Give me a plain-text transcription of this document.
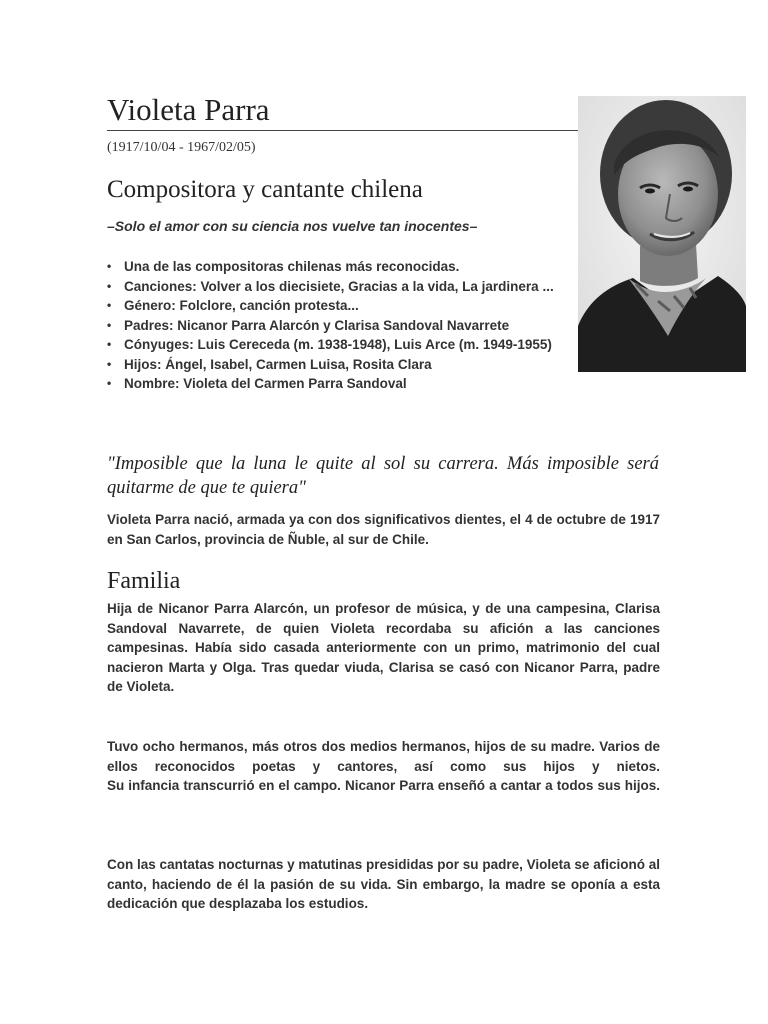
Violeta Parra
(1917/10/04 - 1967/02/05)
Compositora y cantante chilena
–Solo el amor con su ciencia nos vuelve tan inocentes–
• Una de las compositoras chilenas más reconocidas.
• Canciones: Volver a los diecisiete, Gracias a la vida, La jardinera ...
• Género: Folclore, canción protesta...
• Padres: Nicanor Parra Alarcón y Clarisa Sandoval Navarrete
• Cónyuges: Luis Cereceda (m. 1938-1948), Luis Arce (m. 1949-1955)
• Hijos: Ángel, Isabel, Carmen Luisa, Rosita Clara
• Nombre: Violeta del Carmen Parra Sandoval
"Imposible que la luna le quite al sol su carrera. Más imposible será quitarme de que te quiera"
Violeta Parra nació, armada ya con dos significativos dientes, el 4 de octubre de 1917 en San Carlos, provincia de Ñuble, al sur de Chile.
Familia
Hija de Nicanor Parra Alarcón, un profesor de música, y de una campesina, Clarisa Sandoval Navarrete, de quien Violeta recordaba su afición a las canciones campesinas. Había sido casada anteriormente con un primo, matrimonio del cual nacieron Marta y Olga. Tras quedar viuda, Clarisa se casó con Nicanor Parra, padre de Violeta.
Tuvo ocho hermanos, más otros dos medios hermanos, hijos de su madre. Varios de ellos reconocidos poetas y cantores, así como sus hijos y nietos.
Su infancia transcurrió en el campo. Nicanor Parra enseñó a cantar a todos sus hijos.
Con las cantatas nocturnas y matutinas presididas por su padre, Violeta se aficionó al canto, haciendo de él la pasión de su vida. Sin embargo, la madre se oponía a esta dedicación que desplazaba los estudios.
